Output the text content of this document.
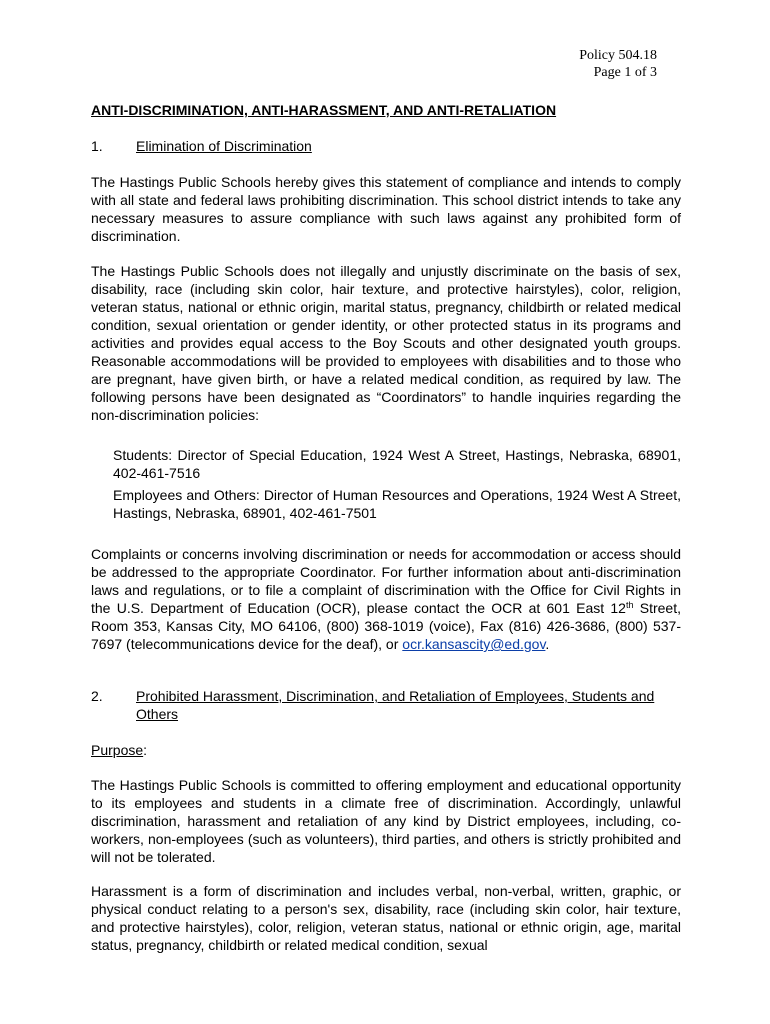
Policy 504.18
Page 1 of 3
ANTI-DISCRIMINATION, ANTI-HARASSMENT, AND ANTI-RETALIATION
1. Elimination of Discrimination
The Hastings Public Schools hereby gives this statement of compliance and intends to comply with all state and federal laws prohibiting discrimination. This school district intends to take any necessary measures to assure compliance with such laws against any prohibited form of discrimination.
The Hastings Public Schools does not illegally and unjustly discriminate on the basis of sex, disability, race (including skin color, hair texture, and protective hairstyles), color, religion, veteran status, national or ethnic origin, marital status, pregnancy, childbirth or related medical condition, sexual orientation or gender identity, or other protected status in its programs and activities and provides equal access to the Boy Scouts and other designated youth groups. Reasonable accommodations will be provided to employees with disabilities and to those who are pregnant, have given birth, or have a related medical condition, as required by law. The following persons have been designated as “Coordinators” to handle inquiries regarding the non-discrimination policies:
Students: Director of Special Education, 1924 West A Street, Hastings, Nebraska, 68901, 402-461-7516
Employees and Others: Director of Human Resources and Operations, 1924 West A Street, Hastings, Nebraska, 68901, 402-461-7501
Complaints or concerns involving discrimination or needs for accommodation or access should be addressed to the appropriate Coordinator. For further information about anti-discrimination laws and regulations, or to file a complaint of discrimination with the Office for Civil Rights in the U.S. Department of Education (OCR), please contact the OCR at 601 East 12th Street, Room 353, Kansas City, MO 64106, (800) 368-1019 (voice), Fax (816) 426-3686, (800) 537-7697 (telecommunications device for the deaf), or ocr.kansascity@ed.gov.
2. Prohibited Harassment, Discrimination, and Retaliation of Employees, Students and Others
Purpose:
The Hastings Public Schools is committed to offering employment and educational opportunity to its employees and students in a climate free of discrimination. Accordingly, unlawful discrimination, harassment and retaliation of any kind by District employees, including, co-workers, non-employees (such as volunteers), third parties, and others is strictly prohibited and will not be tolerated.
Harassment is a form of discrimination and includes verbal, non-verbal, written, graphic, or physical conduct relating to a person's sex, disability, race (including skin color, hair texture, and protective hairstyles), color, religion, veteran status, national or ethnic origin, age, marital status, pregnancy, childbirth or related medical condition, sexual
